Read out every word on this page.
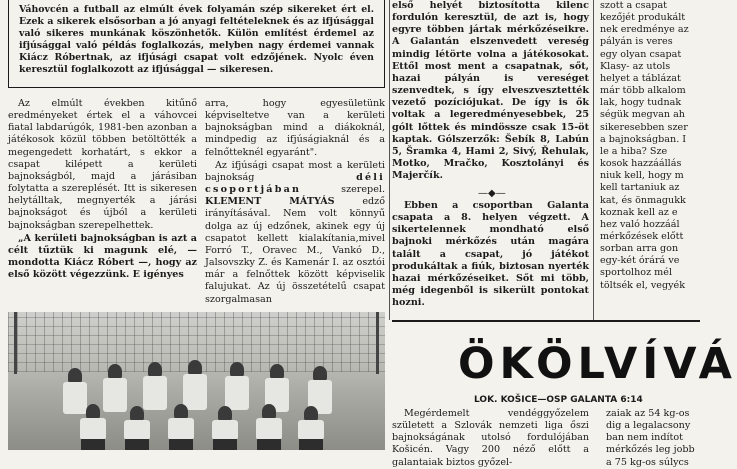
Váhovcén a futball az elmúlt évek folyamán szép sikereket ért el. Ezek a sikerek elsősorban a jó anyagi feltételeknek és az ifjúsággal való sikeres munkának köszönhetők. Külön említést érdemel az ifjúsággal való példás foglalkozás, melyben nagy érdemei vannak Kiácz Róbertnak, az ifjúsági csapat volt edzőjének. Nyolc éven keresztül foglalkozott az ifjúsággal — sikeresen.

Az elmúlt években kitűnő eredményeket értek el a váhovcei fiatal labdarúgók, 1981-ben azonban a játékosok közül többen betöltötték a megengedett korhatárt, s ekkor a csapat kilépett a kerületi bajnokságból, majd a járásiban folytatta a szereplését. Itt is sikeresen helytálltak, megnyerték a járási bajnokságot és újból a kerületi bajnokságban szerepelhettek.

„A kerületi bajnokságban is azt a célt tűztük ki magunk elé, — mondotta Kiácz Róbert —, hogy az első között végezzünk. E igényes

arra, hogy egyesületünk képviseltetve van a kerületi bajnokságban mind a diákoknál, mindpedig az ifjúságiaknál és a felnőtteknél egyaránt".

Az ifjúsági csapat most a kerületi bajnokság déli csoportjában szerepel. KLEMENT MÁTYÁS edző irányításával. Nem volt könnyű dolga az új edzőnek, akinek egy új csapatot kellett kialakítania,mivel Forró T., Oravec M., Vankó D., Jalsovszky Z. és Kamenár I. az osztói már a felnőttek között képviselik falujukat. Az új összetételű csapat szorgalmasan

első helyét biztosította kilenc fordulón keresztül, de azt is, hogy egyre többen jártak mérkőzéseikre. A Galantán elszenvedett vereség mindig létörte volna a játékosokat. Ettől most ment a csapatnak, sőt, hazai pályán is vereséget szenvedtek, s így elveszvesztették vezető pozíciójukat. De így is ők voltak a legeredményesebbek, 25 gólt lőttek és mindössze csak 15-öt kaptak. Gólszerzők: Šebík 8, Labún 5, Šramka 4, Hami 2, Sivý, Řehulak, Motko, Mračko, Kosztolányi és Majerčík.

—◆—

Ebben a csoportban Galanta csapata a 8. helyen végzett. A sikertelennek mondható első bajnoki mérkőzés után magára talált a csapat, jó játékot produkáltak a fiúk, biztosan nyerték hazai mérkőzéseiket. Sőt mi több, még idegenből is sikerült pontokat hozni.

szott a csapat
kezőjét produkált
nek eredménye az
pályán is veres
egy olyan csapat
Klasy- az utols
helyet a táblázat
már több alkalom
lak, hogy tudnak
ségük megvan ah
sikeresebben szer
a bajnokságban. I
le a hiba? Sze
kosok hazzáállás
niuk kell, hogy m
kell tartaniuk az
kat, és önmagukk
koznak kell az e
hez való hozzáál
mérkőzések előtt
sorban arra gon
egy-két órárá ve
sportolhoz mél
töltsék el, vegyék
ÖKÖLVÍVÁ
LOK. KOŠICE—OSP GALANTA 6:14

Megérdemelt vendéggyőzelem született a Szlovák nemzeti liga őszi bajnokságának utolsó fordulójában Košicén. Vagy 200 néző előtt a galantaiak biztos győzel-

zaiak az 54 kg-os
dig a legalacsony
ban nem indítot
mérkőzés leg jobb
a 75 kg-os súlycs
